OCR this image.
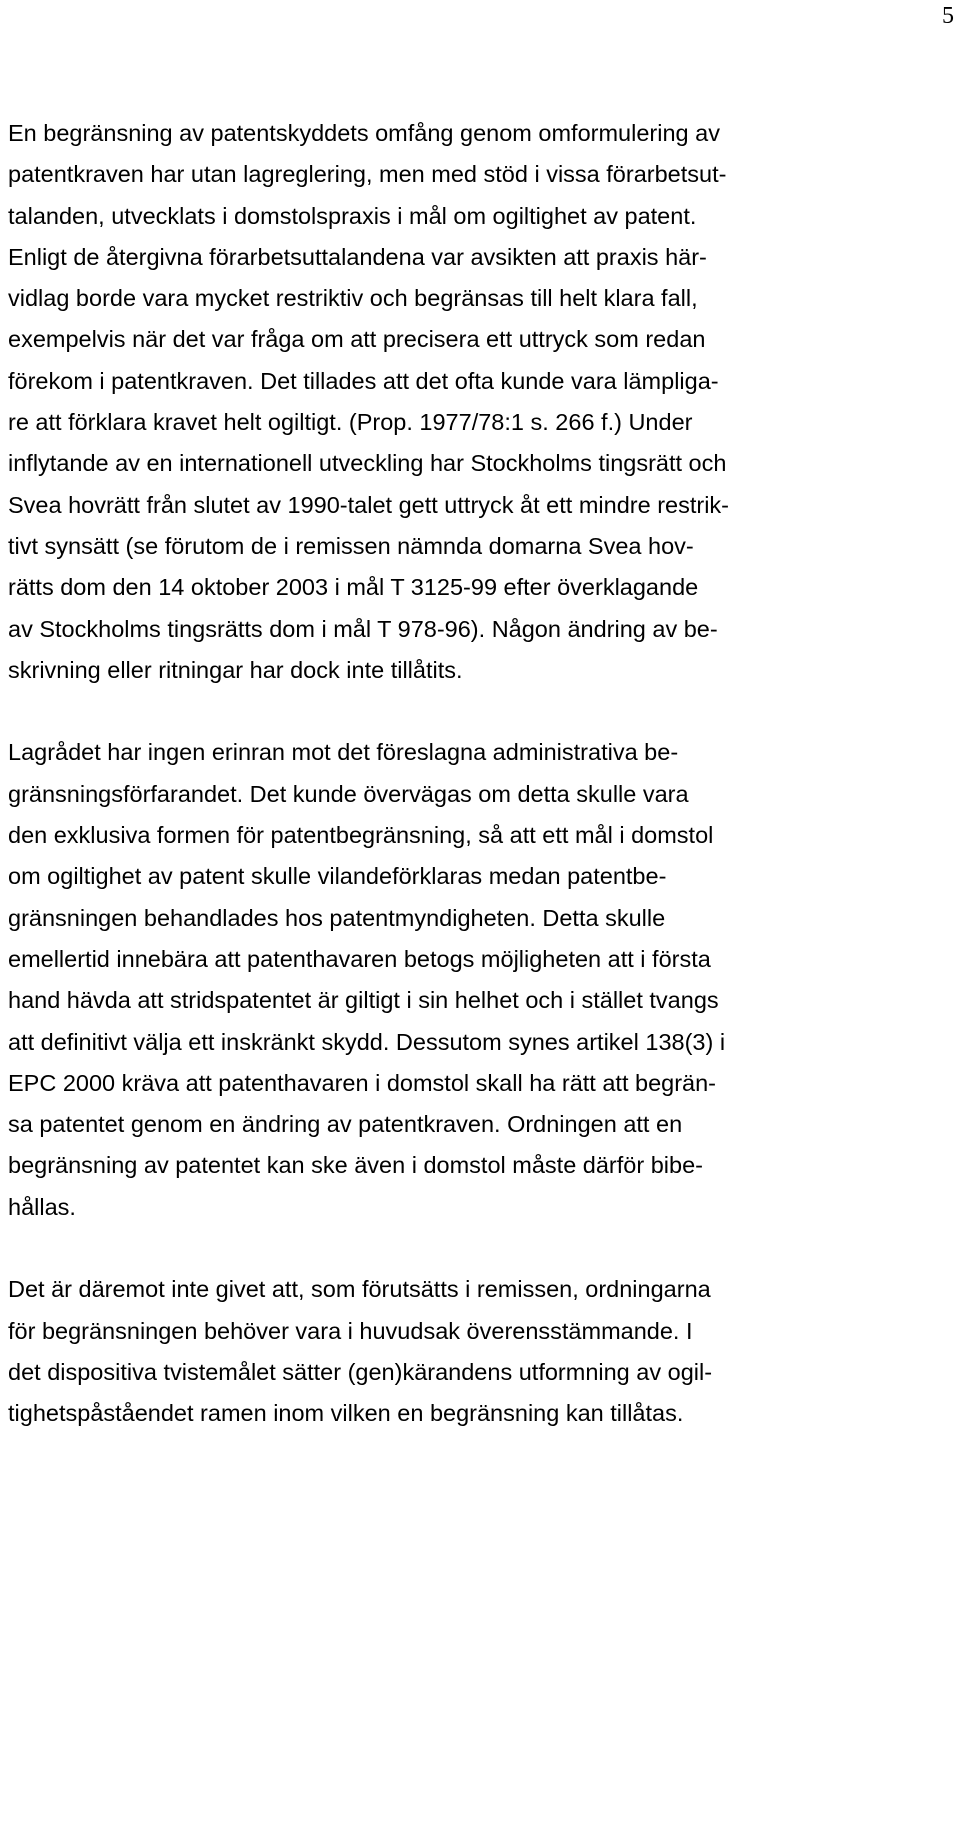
5
En begränsning av patentskyddets omfång genom omformulering av
patentkraven har utan lagreglering, men med stöd i vissa förarbetsut-
talanden, utvecklats i domstolspraxis i mål om ogiltighet av patent.
Enligt de återgivna förarbetsuttalandena var avsikten att praxis här-
vidlag borde vara mycket restriktiv och begränsas till helt klara fall,
exempelvis när det var fråga om att precisera ett uttryck som redan
förekom i patentkraven. Det tillades att det ofta kunde vara lämpliga-
re att förklara kravet helt ogiltigt. (Prop. 1977/78:1 s. 266 f.) Under
inflytande av en internationell utveckling har Stockholms tingsrätt och
Svea hovrätt från slutet av 1990-talet gett uttryck åt ett mindre restrik-
tivt synsätt (se förutom de i remissen nämnda domarna Svea hov-
rätts dom den 14 oktober 2003 i mål T 3125-99 efter överklagande
av Stockholms tingsrätts dom i mål T 978-96). Någon ändring av be-
skrivning eller ritningar har dock inte tillåtits.
Lagrådet har ingen erinran mot det föreslagna administrativa be-
gränsningsförfarandet. Det kunde övervägas om detta skulle vara
den exklusiva formen för patentbegränsning, så att ett mål i domstol
om ogiltighet av patent skulle vilandeförklaras medan patentbe-
gränsningen behandlades hos patentmyndigheten. Detta skulle
emellertid innebära att patenthavaren betogs möjligheten att i första
hand hävda att stridspatentet är giltigt i sin helhet och i stället tvangs
att definitivt välja ett inskränkt skydd. Dessutom synes artikel 138(3) i
EPC 2000 kräva att patenthavaren i domstol skall ha rätt att begrän-
sa patentet genom en ändring av patentkraven. Ordningen att en
begränsning av patentet kan ske även i domstol måste därför bibe-
hållas.
Det är däremot inte givet att, som förutsätts i remissen, ordningarna
för begränsningen behöver vara i huvudsak överensstämmande. I
det dispositiva tvistemålet sätter (gen)kärandens utformning av ogil-
tighetspåståendet ramen inom vilken en begränsning kan tillåtas.
